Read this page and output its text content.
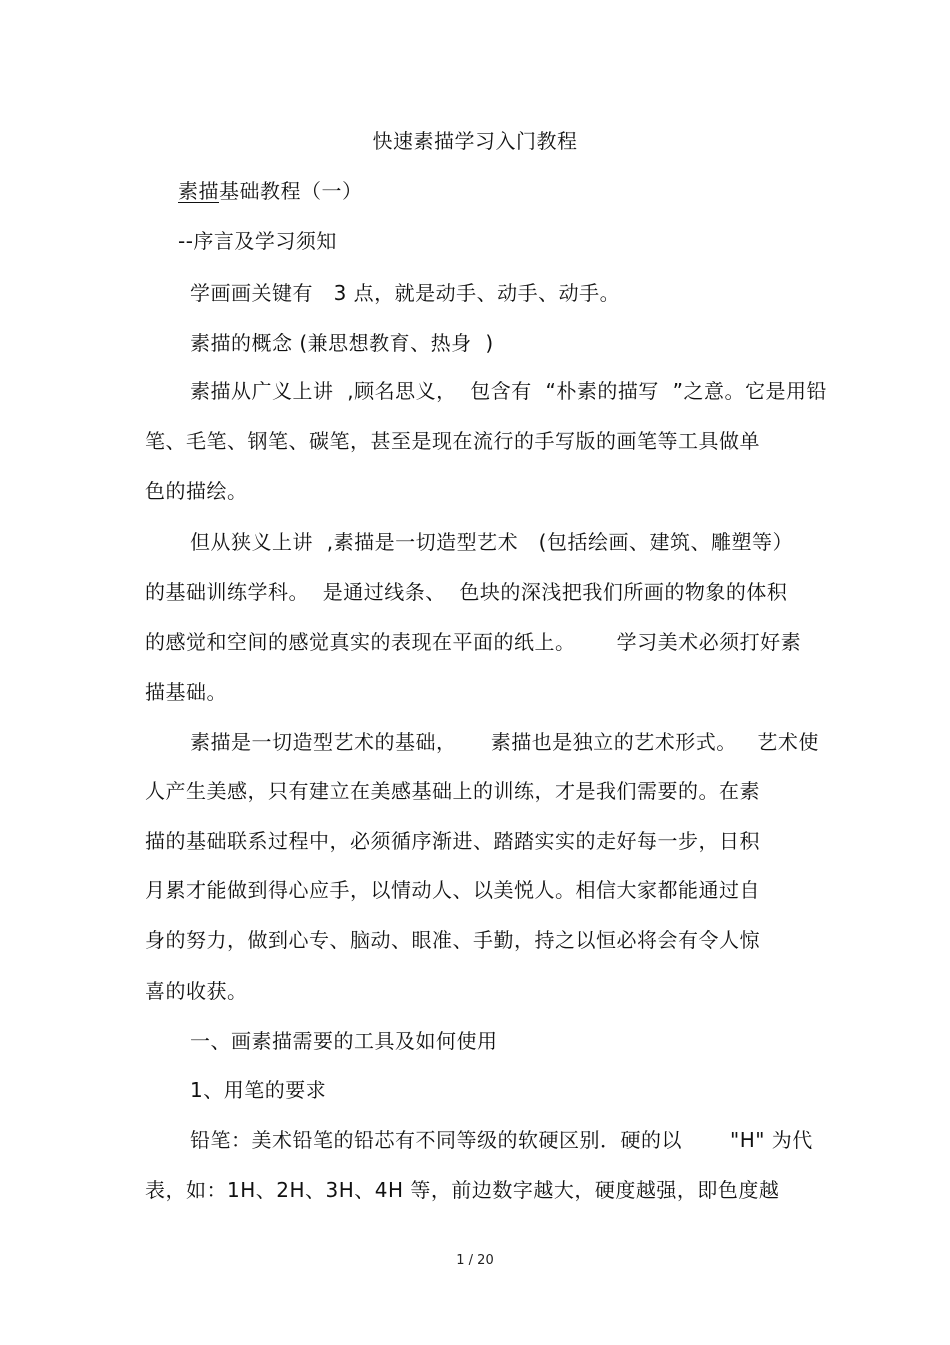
快速素描学习入门教程
素描基础教程（一）
--序言及学习须知
学画画关键有   3 点，就是动手、动手、动手。
素描的概念 (兼思想教育、热身  )
素描从广义上讲  ,顾名思义，  包含有  “朴素的描写  ”之意。它是用铅
笔、毛笔、钢笔、碳笔，甚至是现在流行的手写版的画笔等工具做单
色的描绘。
但从狭义上讲  ,素描是一切造型艺术   (包括绘画、建筑、雕塑等）
的基础训练学科。  是通过线条、  色块的深浅把我们所画的物象的体积
的感觉和空间的感觉真实的表现在平面的纸上。      学习美术必须打好素
描基础。
素描是一切造型艺术的基础，     素描也是独立的艺术形式。   艺术使
人产生美感，只有建立在美感基础上的训练，才是我们需要的。在素
描的基础联系过程中，必须循序渐进、踏踏实实的走好每一步，日积
月累才能做到得心应手，以情动人、以美悦人。相信大家都能通过自
身的努力，做到心专、脑动、眼准、手勤，持之以恒必将会有令人惊
喜的收获。
一、画素描需要的工具及如何使用
1、用笔的要求
铅笔：美术铅笔的铅芯有不同等级的软硬区别．硬的以       "H" 为代
表，如：1H、2H、3H、4H 等，前边数字越大，硬度越强，即色度越
1 / 20
